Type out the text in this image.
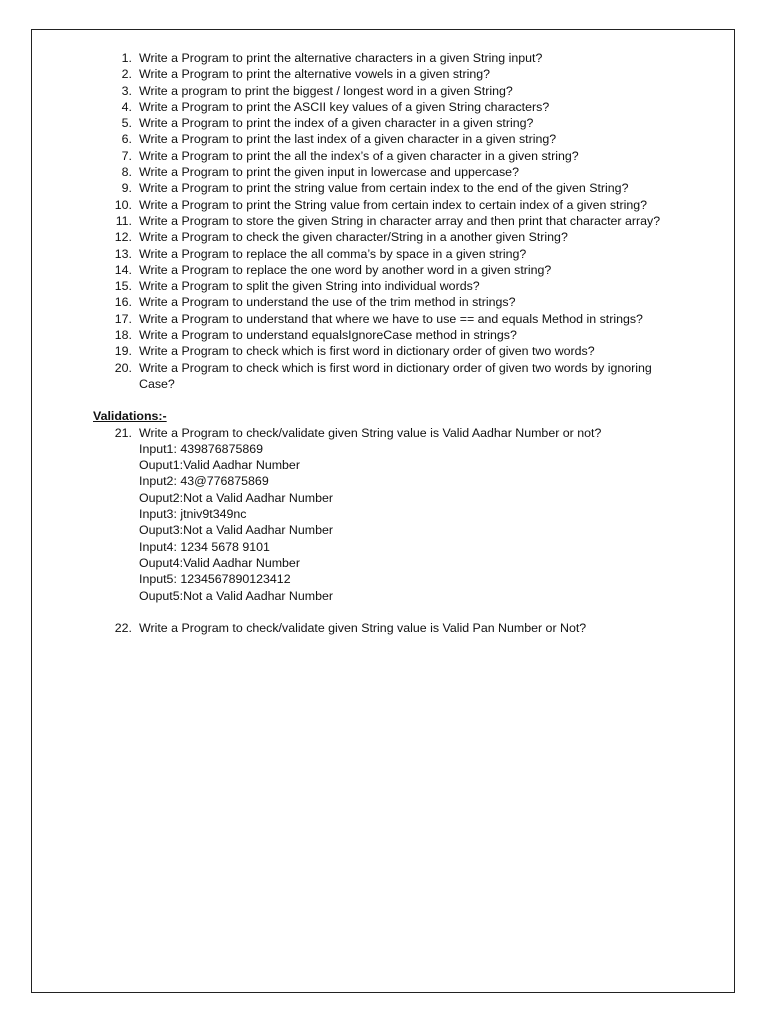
1. Write a Program to print the alternative characters in a given String input?
2. Write a Program to print the alternative vowels in a given string?
3. Write a program to print the biggest / longest word in a given String?
4. Write a Program to print the ASCII key values of a given String characters?
5. Write a Program to print the index of a given character in a given string?
6. Write a Program to print the last index of a given character in a given string?
7. Write a Program to print the all the index’s of a given character in a given string?
8. Write a Program to print the given input in lowercase and uppercase?
9. Write a Program to print the string value from certain index to the end of the given String?
10. Write a Program to print the String value from certain index to certain index of a given string?
11. Write a Program to store the given String in character array and then print that character array?
12. Write a Program to check the given character/String in a another given String?
13. Write a Program to replace the all comma’s by space in a given string?
14. Write a Program to replace the one word by another word in a given string?
15. Write a Program to split the given String into individual words?
16. Write a Program to understand the use of the trim method in strings?
17. Write a Program to understand that where we have to use == and equals Method in strings?
18. Write a Program to understand equalsIgnoreCase method in strings?
19. Write a Program to check which is first word in dictionary order of given two words?
20. Write a Program to check which is first word in dictionary order of given two words by ignoring Case?
Validations:-
21. Write a Program to check/validate given String value is Valid Aadhar Number or not?
Input1: 439876875869
Ouput1:Valid Aadhar Number
Input2: 43@776875869
Ouput2:Not a Valid Aadhar Number
Input3: jtniv9t349nc
Ouput3:Not a Valid Aadhar Number
Input4: 1234 5678 9101
Ouput4:Valid Aadhar Number
Input5: 1234567890123412
Ouput5:Not a Valid Aadhar Number
22. Write a Program to check/validate given String value is Valid Pan Number or Not?
